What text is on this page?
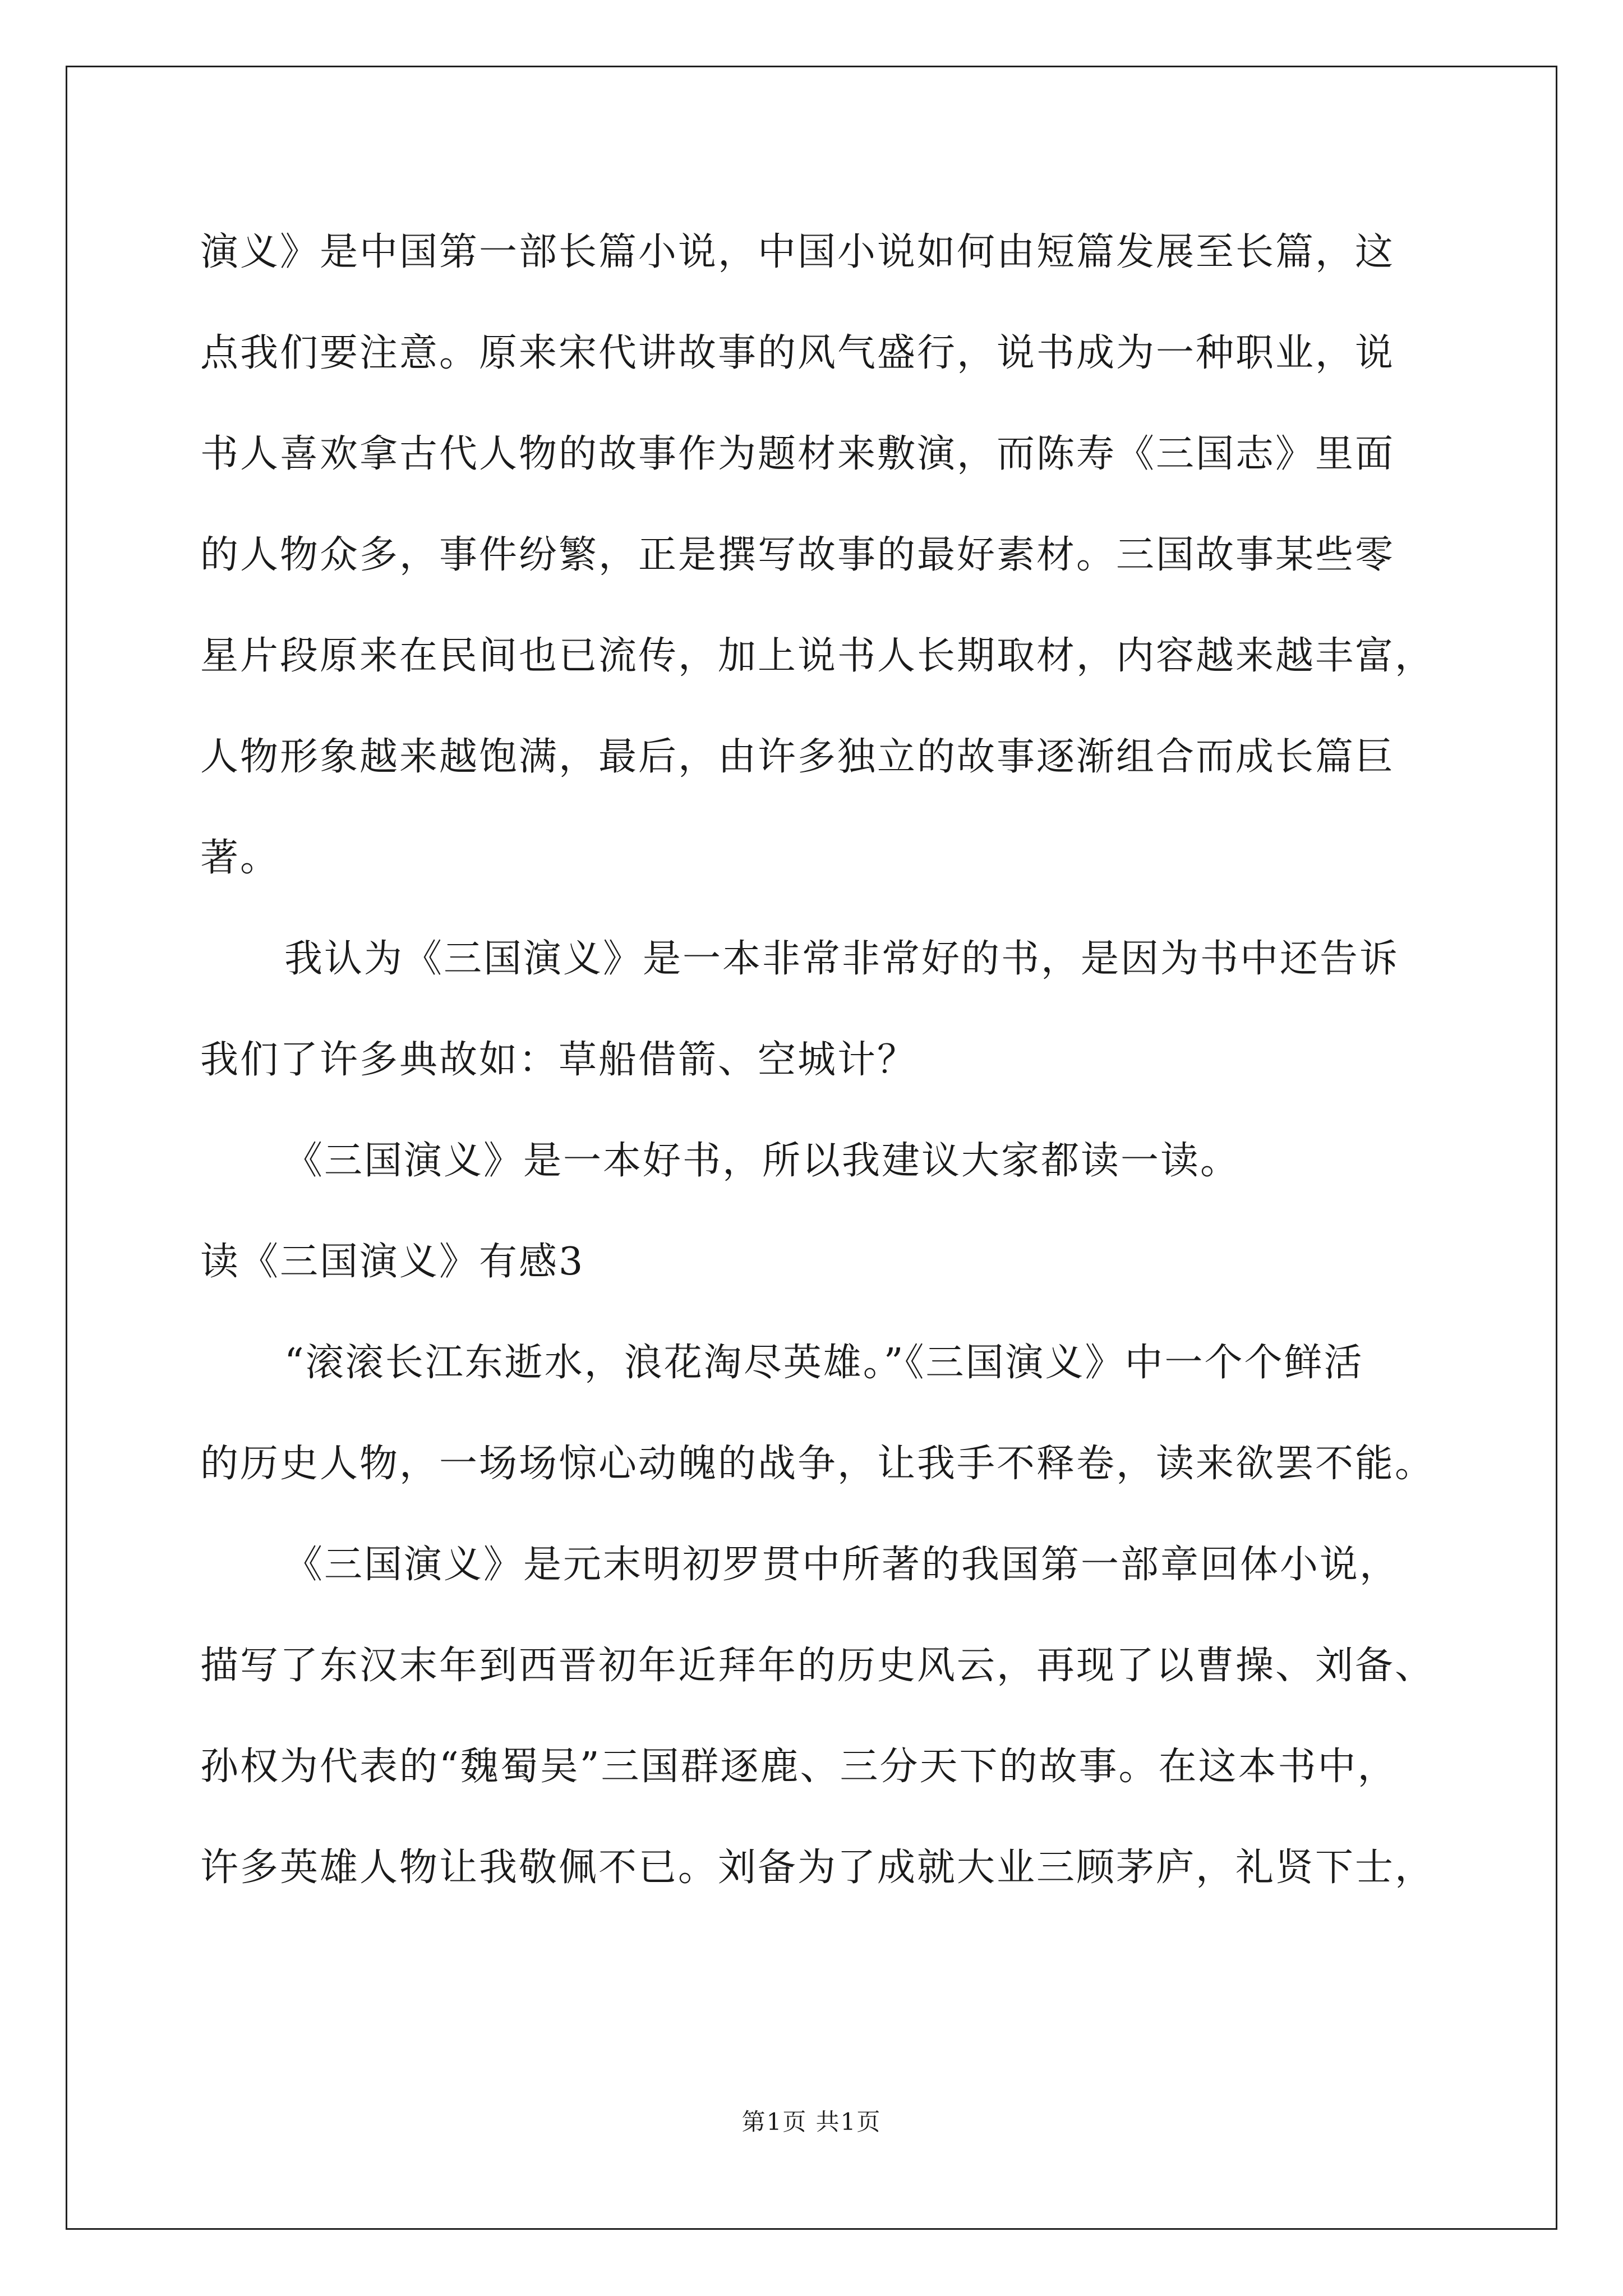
演义》是中国第一部长篇小说，中国小说如何由短篇发展至长篇，这
点我们要注意。原来宋代讲故事的风气盛行，说书成为一种职业，说
书人喜欢拿古代人物的故事作为题材来敷演，而陈寿《三国志》里面
的人物众多，事件纷繁，正是撰写故事的最好素材。三国故事某些零
星片段原来在民间也已流传，加上说书人长期取材，内容越来越丰富，
人物形象越来越饱满，最后，由许多独立的故事逐渐组合而成长篇巨
著。
我认为《三国演义》是一本非常非常好的书，是因为书中还告诉
我们了许多典故如：草船借箭、空城计？
《三国演义》是一本好书，所以我建议大家都读一读。
读《三国演义》有感3
“滚滚长江东逝水，浪花淘尽英雄。”《三国演义》中一个个鲜活
的历史人物，一场场惊心动魄的战争，让我手不释卷，读来欲罢不能。
《三国演义》是元末明初罗贯中所著的我国第一部章回体小说，
描写了东汉末年到西晋初年近拜年的历史风云，再现了以曹操、刘备、
孙权为代表的“魏蜀吴”三国群逐鹿、三分天下的故事。在这本书中，
许多英雄人物让我敬佩不已。刘备为了成就大业三顾茅庐，礼贤下士，
第1页 共1页
